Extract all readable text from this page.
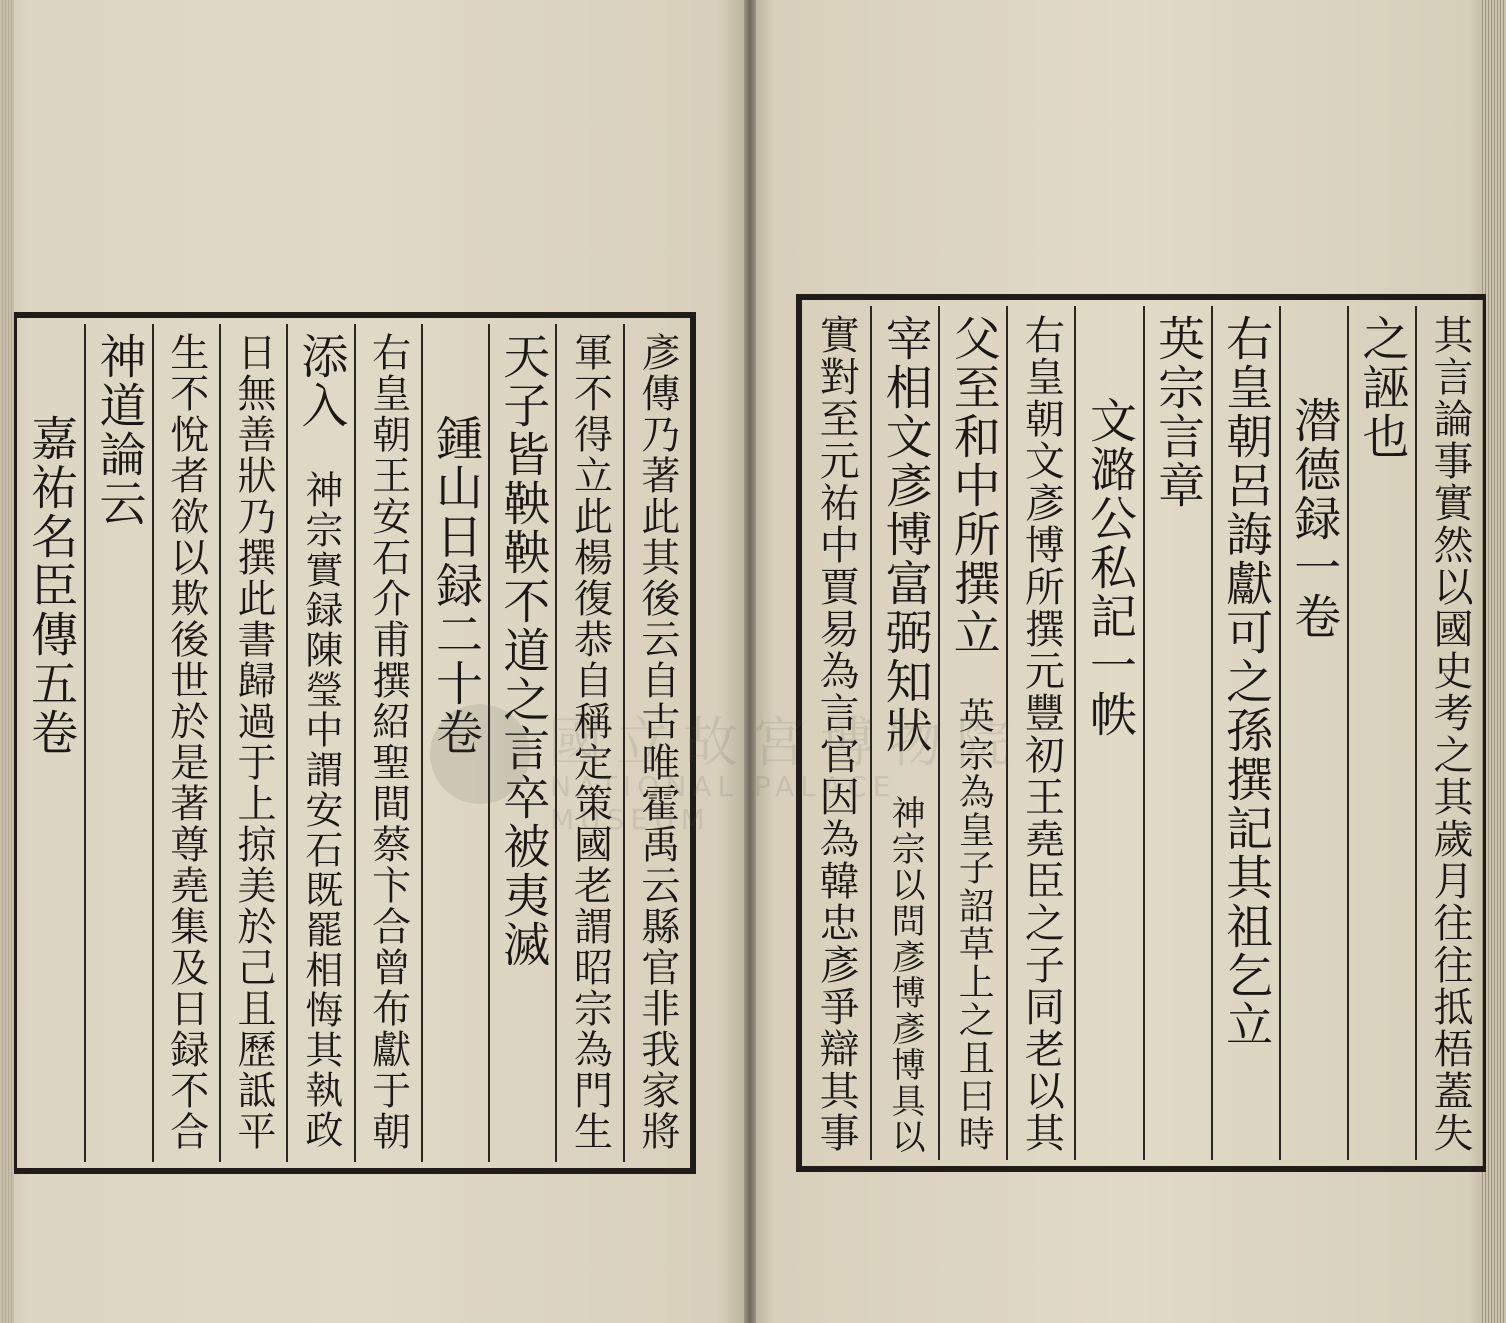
彥傳乃著此其後云自古唯霍禹云縣官非我家將
軍不得立此楊復恭自稱定策國老謂昭宗為門生
天子皆鞅鞅不道之言卒被夷滅
鍾山日録二十卷
右皇朝王安石介甫撰紹聖間蔡卞合曾布獻于朝
添入
神宗實録陳瑩中謂安石既罷相悔其執政
日無善狀乃撰此書歸過于上掠美於己且歷詆平
生不悅者欲以欺後世於是著尊堯集及日録不合
神道論云
嘉祐名臣傳五卷	其言論事實然以國史考之其歲月往往抵梧蓋失
之誣也
潜德録一卷
右皇朝呂誨獻可之孫撰記其祖乞立
英宗言章
文潞公私記一帙
右皇朝文彥博所撰元豐初王堯臣之子同老以其
父至和中所撰立
英宗為皇子詔草上之且曰時
宰相文彥博富弼知狀
神宗以問彥博彥博具以
實對至元祐中賈易為言官因為韓忠彥爭辯其事
國立故宮博物院
NATIONAL PALACE MUSEUM
